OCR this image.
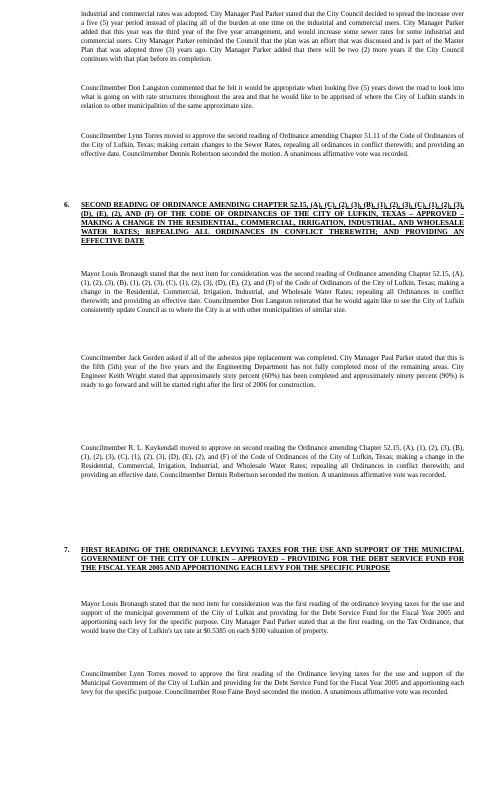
industrial and commercial rates was adopted. City Manager Paul Parker stated that the City Council decided to spread the increase over a five (5) year period instead of placing all of the burden at one time on the industrial and commercial users. City Manager Parker added that this year was the third year of the five year arrangement, and would increase some sewer rates for some industrial and commercial users. City Manager Parker reminded the Council that the plan was an effort that was discussed and is part of the Master Plan that was adopted three (3) years ago. City Manager Parker added that there will be two (2) more years if the City Council continues with that plan before its completion.

Councilmember Don Langston commented that he felt it would be appropriate when looking five (5) years down the road to look into what is going on with rate structures throughout the area and that he would like to be apprised of where the City of Lufkin stands in relation to other municipalities of the same approximate size.

Councilmember Lynn Torres moved to approve the second reading of Ordinance amending Chapter 51.11 of the Code of Ordinances of the City of Lufkin, Texas; making certain changes to the Sewer Rates, repealing all ordinances in conflict therewith; and providing an effective date. Councilmember Dennis Robertson seconded the motion. A unanimous affirmative vote was recorded.

6. SECOND READING OF ORDINANCE AMENDING CHAPTER 52.15, (A), (C), (2), (3), (B), (1), (2), (3), (C), (1), (2), (3), (D), (E), (2), AND (F) OF THE CODE OF ORDINANCES OF THE CITY OF LUFKIN, TEXAS – APPROVED – MAKING A CHANGE IN THE RESIDENTIAL, COMMERCIAL, IRRIGATION, INDUSTRIAL, AND WHOLESALE WATER RATES; REPEALING ALL ORDINANCES IN CONFLICT THEREWITH; AND PROVIDING AN EFFECTIVE DATE

Mayor Louis Bronaugh stated that the next item for consideration was the second reading of Ordinance amending Chapter 52.15, (A), (1), (2), (3), (B), (1), (2), (3), (C), (1), (2), (3), (D), (E), (2), and (F) of the Code of Ordinances of the City of Lufkin, Texas; making a change in the Residential, Commercial, Irrigation, Industrial, and Wholesale Water Rates; repealing all Ordinances in conflict therewith; and providing an effective date. Councilmember Don Langston reiterated that he would again like to see the City of Lufkin consistently update Council as to where the City is at with other municipalities of similar size.

Councilmember Jack Gorden asked if all of the asbestos pipe replacement was completed. City Manager Paul Parker stated that this is the fifth (5th) year of the five years and the Engineering Department has not fully completed most of the remaining areas. City Engineer Keith Wright stated that approximately sixty percent (60%) has been completed and approximately ninety percent (90%) is ready to go forward and will be started right after the first of 2006 for construction.

Councilmember R. L. Kuykendall moved to approve on second reading the Ordinance amending Chapter 52.15, (A), (1), (2), (3), (B), (1), (2), (3), (C), (1), (2), (3), (D), (E), (2), and (F) of the Code of Ordinances of the City of Lufkin, Texas; making a change in the Residential, Commercial, Irrigation, Industrial, and Wholesale Water Rates; repealing all Ordinances in conflict therewith; and providing an effective date. Councilmember Dennis Robertson seconded the motion. A unanimous affirmative vote was recorded.

7. FIRST READING OF THE ORDINANCE LEVYING TAXES FOR THE USE AND SUPPORT OF THE MUNICIPAL GOVERNMENT OF THE CITY OF LUFKIN – APPROVED – PROVIDING FOR THE DEBT SERVICE FUND FOR THE FISCAL YEAR 2005 AND APPORTIONING EACH LEVY FOR THE SPECIFIC PURPOSE

Mayor Louis Bronaugh stated that the next item for consideration was the first reading of the ordinance levying taxes for the use and support of the municipal government of the City of Lufkin and providing for the Debt Service Fund for the Fiscal Year 2005 and apportioning each levy for the specific purpose. City Manager Paul Parker stated that at the first reading, on the Tax Ordinance, that would leave the City of Lufkin's tax rate at $0.5385 on each $100 valuation of property.

Councilmember Lynn Torres moved to approve the first reading of the Ordinance levying taxes for the use and support of the Municipal Government of the City of Lufkin and providing for the Debt Service Fund for the Fiscal Year 2005 and apportioning each levy for the specific purpose. Councilmember Rose Faine Boyd seconded the motion. A unanimous affirmative vote was recorded.
